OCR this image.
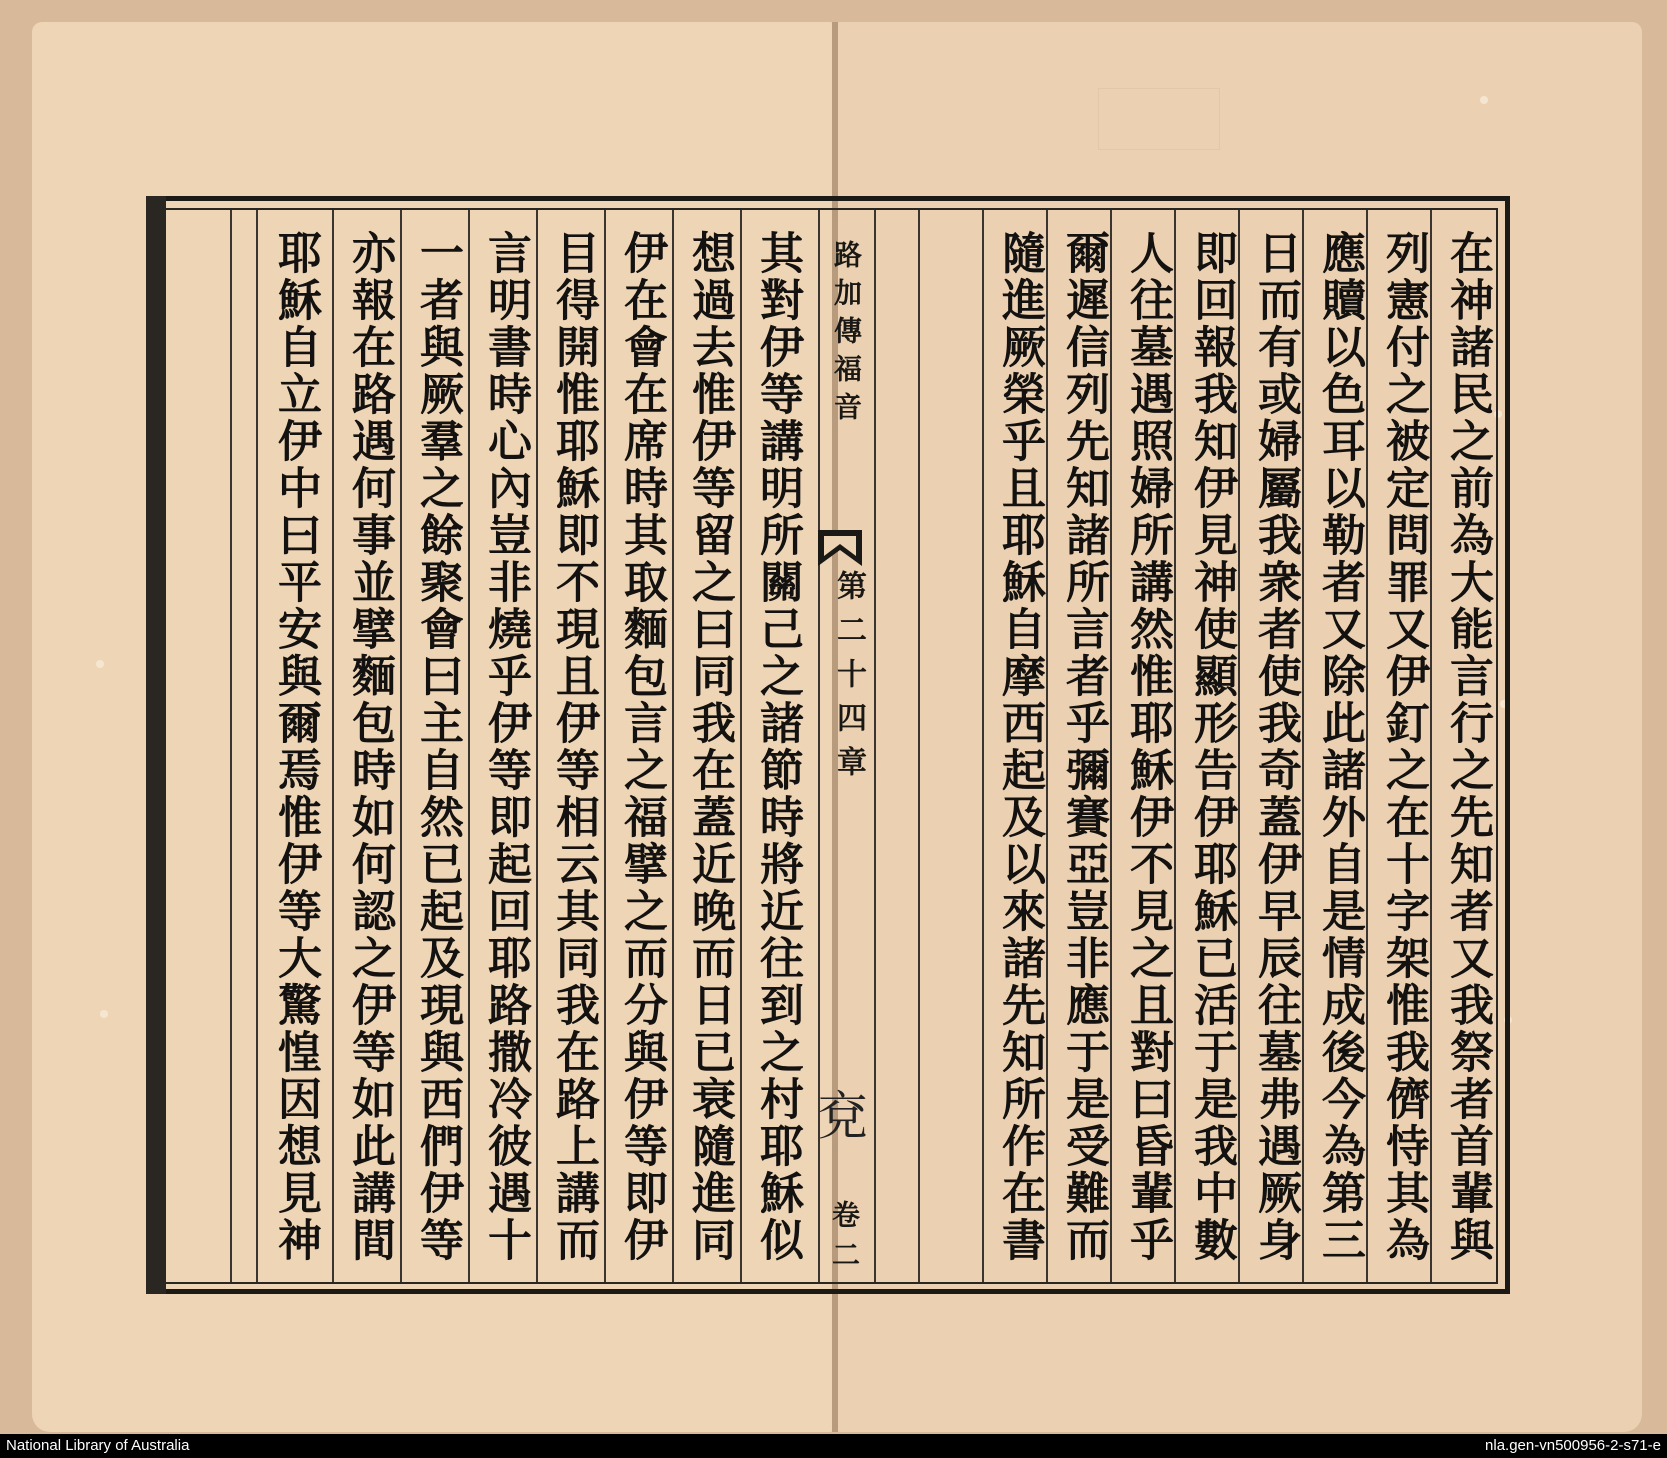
在神諸民之前為大能言行之先知者又我祭者首輩與
列憲付之被定問罪又伊釘之在十字架惟我儕恃其為
應贖以色耳以勒者又除此諸外自是情成後今為第三
日而有或婦屬我衆者使我奇蓋伊早辰往墓弗遇厥身
即回報我知伊見神使顯形告伊耶穌已活于是我中數
人往墓遇照婦所講然惟耶穌伊不見之且對曰昏輩乎
爾遲信列先知諸所言者乎彌賽亞豈非應于是受難而
隨進厥榮乎且耶穌自摩西起及以來諸先知所作在書
路加傳福音
第二十四章
兗
卷二
其對伊等講明所關己之諸節時將近往到之村耶穌似
想過去惟伊等留之曰同我在蓋近晚而日已衰隨進同
伊在會在席時其取麵包言之福擘之而分與伊等即伊
目得開惟耶穌即不現且伊等相云其同我在路上講而
言明書時心內豈非燒乎伊等即起回耶路撒冷彼遇十
一者與厥羣之餘聚會曰主自然已起及現與西們伊等
亦報在路遇何事並擘麵包時如何認之伊等如此講間
耶穌自立伊中曰平安與爾焉惟伊等大驚惶因想見神
National Library of Australia	nla.gen-vn500956-2-s71-e
